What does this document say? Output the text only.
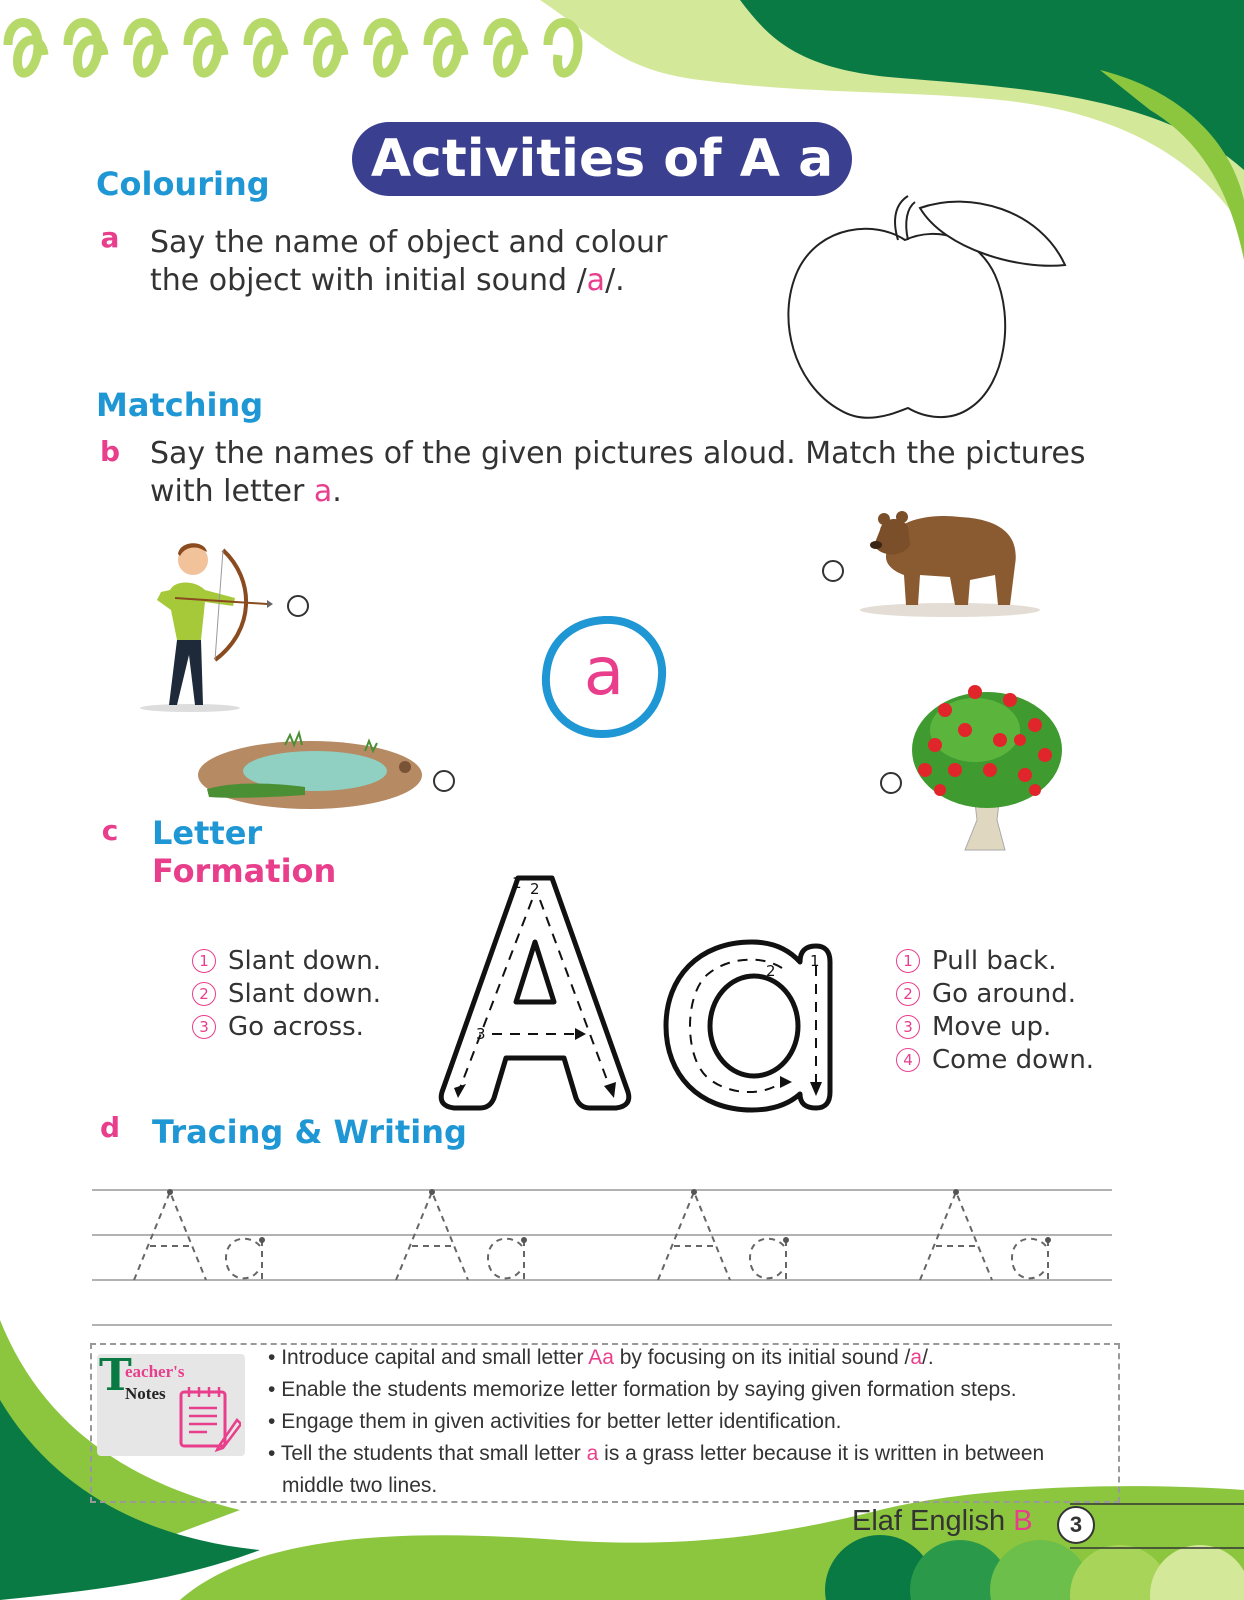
Activities of A a
Colouring
a	Say the name of object and colour
the object with initial sound /a/.
Matching
b Say the names of the given pictures aloud. Match the pictures
with letter a.
a
c	Letter
Formation
1 Slant down.
2 Slant down.
3 Go across.
1 2
3
2
1	1 Pull back.
2 Go around.
3 Move up.
4 Come down.
d Tracing & Writing
T
eacher's
Notes
• Introduce capital and small letter Aa by focusing on its initial sound /a/.
• Enable the students memorize letter formation by saying given formation steps.
• Engage them in given activities for better letter identification.
• Tell the students that small letter a is a grass letter because it is written in between
middle two lines.
Elaf English B	3
